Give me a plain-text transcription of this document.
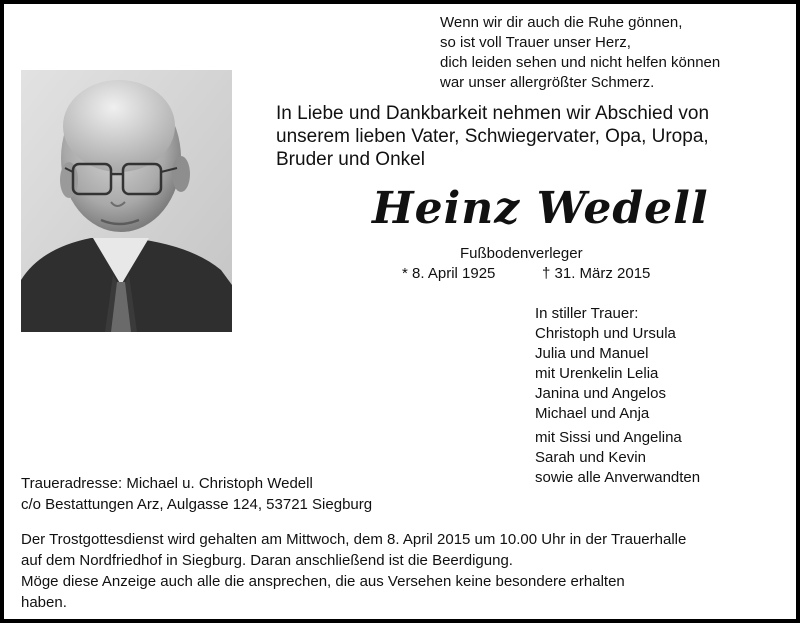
Wenn wir dir auch die Ruhe gönnen,
so ist voll Trauer unser Herz,
dich leiden sehen und nicht helfen können
war unser allergrößter Schmerz.
In Liebe und Dankbarkeit nehmen wir Abschied von
unserem lieben Vater, Schwiegervater, Opa, Uropa,
Bruder und Onkel
Heinz Wedell
Fußbodenverleger
* 8. April 1925	† 31. März 2015
In stiller Trauer:
Christoph und Ursula
Julia und Manuel
mit Urenkelin Lelia
Janina und Angelos
Michael und Anja
mit Sissi und Angelina
Sarah und Kevin
sowie alle Anverwandten
Traueradresse: Michael u. Christoph Wedell
c/o Bestattungen Arz, Aulgasse 124, 53721 Siegburg
Der Trostgottesdienst wird gehalten am Mittwoch, dem 8. April 2015 um 10.00 Uhr in der Trauerhalle
auf dem Nordfriedhof in Siegburg. Daran anschließend ist die Beerdigung.
Möge diese Anzeige auch alle die ansprechen, die aus Versehen keine besondere erhalten
haben.
